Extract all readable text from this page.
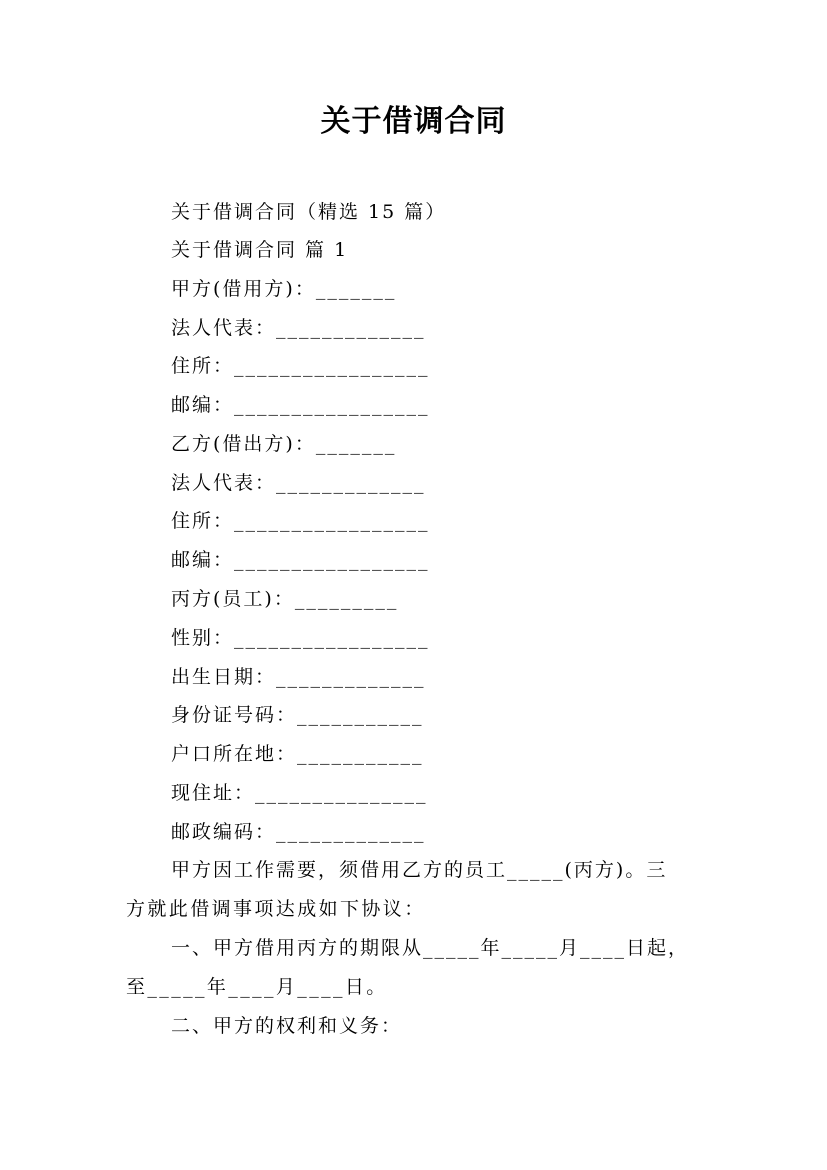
关于借调合同
关于借调合同（精选 15 篇）
关于借调合同 篇 1
甲方(借用方)：_______
法人代表：_____________
住所：_________________
邮编：_________________
乙方(借出方)：_______
法人代表：_____________
住所：_________________
邮编：_________________
丙方(员工)：_________
性别：_________________
出生日期：_____________
身份证号码：___________
户口所在地：___________
现住址：_______________
邮政编码：_____________
甲方因工作需要，须借用乙方的员工_____(丙方)。三
方就此借调事项达成如下协议：
一、甲方借用丙方的期限从_____年_____月____日起，
至_____年____月____日。
二、甲方的权利和义务：
